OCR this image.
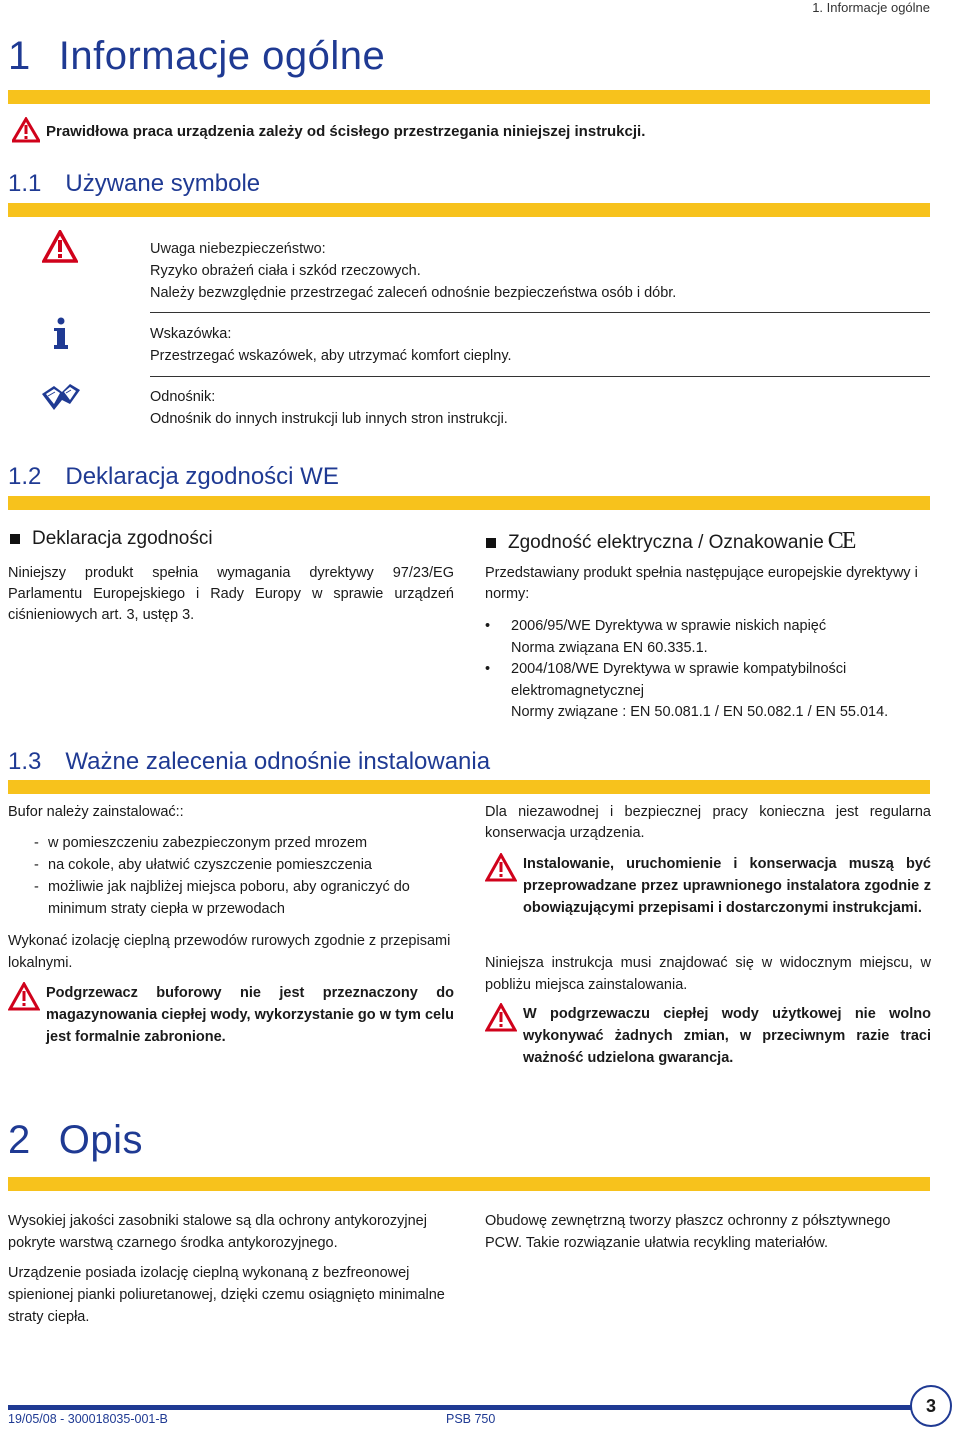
1. Informacje ogólne
1 Informacje ogólne
Prawidłowa praca urządzenia zależy od ścisłego przestrzegania niniejszej instrukcji.
1.1 Używane symbole
Uwaga niebezpieczeństwo:
Ryzyko obrażeń ciała i szkód rzeczowych.
Należy bezwzględnie przestrzegać zaleceń odnośnie bezpieczeństwa osób i dóbr.
Wskazówka:
Przestrzegać wskazówek, aby utrzymać komfort cieplny.
Odnośnik:
Odnośnik do innych instrukcji lub innych stron instrukcji.
1.2 Deklaracja zgodności WE
Deklaracja zgodności
Niniejszy produkt spełnia wymagania dyrektywy 97/23/EG Parlamentu Europejskiego i Rady Europy w sprawie urządzeń ciśnieniowych art. 3, ustęp 3.
Zgodność elektryczna / Oznakowanie CE
Przedstawiany produkt spełnia następujące europejskie dyrektywy i normy:
• 2006/95/WE Dyrektywa w sprawie niskich napięć
Norma związana EN 60.335.1.
• 2004/108/WE Dyrektywa w sprawie kompatybilności elektromagnetycznej
Normy związane : EN 50.081.1 / EN 50.082.1 / EN 55.014.
1.3 Ważne zalecenia odnośnie instalowania
Bufor należy zainstalować::
- w pomieszczeniu zabezpieczonym przed mrozem
- na cokole, aby ułatwić czyszczenie pomieszczenia
- możliwie jak najbliżej miejsca poboru, aby ograniczyć do minimum straty ciepła w przewodach
Wykonać izolację cieplną przewodów rurowych zgodnie z przepisami lokalnymi.
Podgrzewacz buforowy nie jest przeznaczony do magazynowania ciepłej wody, wykorzystanie go w tym celu jest formalnie zabronione.
Dla niezawodnej i bezpiecznej pracy konieczna jest regularna konserwacja urządzenia.
Instalowanie, uruchomienie i konserwacja muszą być przeprowadzane przez uprawnionego instalatora zgodnie z obowiązującymi przepisami i dostarczonymi instrukcjami.
Niniejsza instrukcja musi znajdować się w widocznym miejscu, w pobliżu miejsca zainstalowania.
W podgrzewaczu ciepłej wody użytkowej nie wolno wykonywać żadnych zmian, w przeciwnym razie traci ważność udzielona gwarancja.
2 Opis
Wysokiej jakości zasobniki stalowe są dla ochrony antykorozyjnej pokryte warstwą czarnego środka antykorozyjnego.
Urządzenie posiada izolację cieplną wykonaną z bezfreonowej spienionej pianki poliuretanowej, dzięki czemu osiągnięto minimalne straty ciepła.
Obudowę zewnętrzną tworzy płaszcz ochronny z półsztywnego PCW. Takie rozwiązanie ułatwia recykling materiałów.
19/05/08 - 300018035-001-B	PSB 750
3
